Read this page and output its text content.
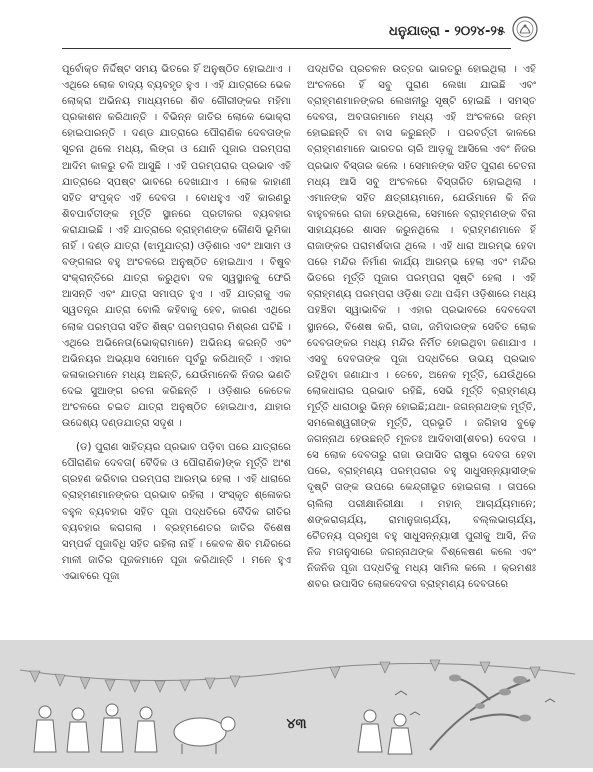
ଧନୁଯାତ୍ରା - ୨୦୨୪-୨୫

ପୂର୍ବୋକ୍ତ ନିର୍ଦ୍ଦିଷ୍ଟ ସମୟ ଭିତରେ ହିଁ ଅନୁଷ୍ଠିତ ହୋଇଥାଏ । ଏଥିରେ ଲୋକ ବାଦ୍ୟ ବ୍ୟବହୃତ ହୁଏ । ଏହି ଯାତ୍ରାରେ ଭେକ ଲୋକ୍ରା ଅଭିନୟ ମାଧ୍ୟମରେ ଶିବ ଗୌରୀଙ୍କର ମହିମା ପ୍ରକାଶନ କରିଥାନ୍ତି । ବିଭିନ୍ନ ଜାତିର ଲୋକେ ଭୋକ୍ରା ହୋଇପାରନ୍ତି । ଦଣ୍ଡ ଯାତ୍ରାରେ ପୌରାଣିକ ଦେବତାଙ୍କ ସୂଚନା ଥିଲେ ମଧ୍ୟ, ଲିଙ୍ଗ ଓ ଯୋନି ପୂଜାର ପରମ୍ପରା ଆଦିମ କାଳରୁ ଚଳି ଆସୁଛି । ଏହି ପରମ୍ପରାର ପ୍ରଭାବ ଏହି ଯାତ୍ରାରେ ସ୍ପଷ୍ଟ ଭାବରେ ଦେଖାଯାଏ । ଲୋକ କାହାଣୀ ସହିତ ସଂପୃକ୍ତ ଏହି ଦେବତା । ବୋଧହୁଏ ଏହି କାରଣରୁ ଶିବପାର୍ବତୀଙ୍କ ମୂର୍ତ୍ତି ସ୍ଥାନରେ ପ୍ରତୀକର ବ୍ୟବହାର କରାଯାଇଛି । ଏହି ଯାତ୍ରାରେ ବ୍ରାହ୍ମଣଙ୍କ କୌଣସି ଭୂମିକା ନାହିଁ । ଦଣ୍ଡ ଯାତ୍ରା (ଝାମୁଯାତ୍ରା) ଓଡ଼ିଶାର ଏବଂ ଆସାମ ଓ ବଙ୍ଗଳାର ବହୁ ଅଂଚଳରେ ଅନୁଷ୍ଠିତ ହୋଇଥାଏ । ବିଷୁବ ସଂକ୍ରାନ୍ତିରେ ଯାତ୍ରା କରୁଥିବା ଦଳ ସ୍ୱସ୍ଥାନକୁ ଫେରି ଆସନ୍ତି ଏବଂ ଯାତ୍ରା ସମାପ୍ତ ହୁଏ । ଏହି ଯାତ୍ରାକୁ ଏକ ସ୍ୱତନ୍ତ୍ର ଯାତ୍ରା ବୋଲି କହିବାକୁ ହେବ, କାରଣ ଏଥିରେ ଲୋକ ପରମ୍ପରା ସହିତ ଶିଷ୍ଟ ପରମ୍ପରାର ମିଶ୍ରଣ ଘଟିଛି । ଏଥିରେ ଅଭିନେତା(ଭୋକ୍ରାମାନେ) ଅଭିନୟ କରନ୍ତି ଏବଂ ଅଭିନୟର ଅଭ୍ୟାସ ସେମାନେ ପୂର୍ବରୁ କରିଥାନ୍ତି । ଏହାର କଳାକାରମାନେ ମଧ୍ୟ ଅଛନ୍ତି, ଯେଉଁମାନେକି ନିଜର ଭଣତି ଦେଇ ସୁଆଙ୍ଗ ରଚନା କରିଛନ୍ତି । ଓଡ଼ିଶାର କେତେକ ଅଂଚଳରେ ଚଇତ ଯାତ୍ରା ଅନୁଷ୍ଠିତ ହୋଇଥାଏ, ଯାହାର ଉଦ୍ଦେଶ୍ୟ ଦଣ୍ଡଯାତ୍ରା ସଦୃଶ ।

(ଡ) ପୁରାଣ ସାହିତ୍ୟର ପ୍ରଭାବ ପଡ଼ିବା ପରେ ଯାତ୍ରାରେ ପୌରାଣିକ ଦେବତା( ବୈଦିକ ଓ ପୌରାଣିକ)ଙ୍କ ମୂର୍ତ୍ତି ଅଂଶ ଗ୍ରହଣ କରିବାର ପରମ୍ପରା ଆରମ୍ଭ ହେଲା । ଏହି ଧାରାରେ ବ୍ରାହ୍ମଣମାନଙ୍କର ପ୍ରଭାବ ରହିଲା । ସଂସ୍କୃତ ଶ୍ଳୋକର ବହୁଳ ବ୍ୟବହାର ସହିତ ପୂଜା ପଦ୍ଧତିରେ ବୈଦିକ ରୀତିର ବ୍ୟବହାର କରାଗଲା । ବ୍ରହ୍ମଣେତର ଜାତିର ବିଶେଷ ସମ୍ପର୍କ ପୂଜାବିଧି ସହିତ ରହିଲା ନାହିଁ । କେବଳ ଶିବ ମନ୍ଦିରରେ ମାଳୀ ଜାତିର ପୂଜକମାନେ ପୂଜା କରିଥାନ୍ତି । ମନେ ହୁଏ ଏଭାବରେ ପୂଜା

ପଦ୍ଧତିର ପ୍ରଚଳନ ଉତ୍ତର ଭାରତରୁ ହୋଇଥିଲା । ଏହି ଅଂଚଳରେ ହିଁ ସବୁ ପୁରାଣ ଲେଖା ଯାଇଛି ଏବଂ ବ୍ରାହ୍ମଣମାନଙ୍କର ଲେଖନୀରୁ ସୃଷ୍ଟି ହୋଇଛି । ସମସ୍ତ ଦେବତା, ଅବତାରମାନେ ମଧ୍ୟ ଏହି ଅଂଚଳରେ ଜନ୍ମ ହୋଇଛନ୍ତି ବା ବାସ କରୁଛନ୍ତି । ପରବର୍ତ୍ତୀ କାଳରେ ବ୍ରାହ୍ମଣମାନେ ଭାରତର ଚାରି ଆଡ଼କୁ ଆସିଲେ ଏବଂ ନିଜର ପ୍ରଭାବ ବିସ୍ତାର କଲେ । ସେମାନଙ୍କ ସହିତ ପୁରାଣ ଚେତନା ମଧ୍ୟ ଆସି ସବୁ ଅଂଚଳରେ ବିସ୍ତାରିତ ହୋଇଥିଲା । ଏମାନଙ୍କ ସହିତ କ୍ଷତ୍ରୀୟମାନେ, ଯେଉଁମାନେ କି ନିଜ ବାହୁବଳରେ ରାଜା ହେଉଥିଲେ, ସେମାନେ ବ୍ରାହ୍ମଣଙ୍କ ବିନା ସାହାଯ୍ୟରେ ଶାସନ କରୁନଥିଲେ । ବ୍ରାହ୍ମଣମାନେ ହିଁ ରାଜାଙ୍କର ପରାମର୍ଶଦାତା ଥିଲେ । ଏହି ଧାରା ଆରମ୍ଭ ହେବା ପରେ ମନ୍ଦିର ନିର୍ମାଣ କାର୍ଯ୍ୟ ଆରମ୍ଭ ହେଲା ଏବଂ ମନ୍ଦିର ଭିତରେ ମୂର୍ତ୍ତି ପୂଜାର ପରମ୍ପରା ସୃଷ୍ଟି ହେଲା । ଏହି ବ୍ରାହ୍ମଣ୍ୟ ପରମ୍ପରା ଓଡ଼ିଶା ତଥା ପଶ୍ଚିମ ଓଡ଼ିଶାରେ ମଧ୍ୟ ପହଞ୍ଚିବା ସ୍ୱାଭାବିକ । ଏହାର ପ୍ରଭାବରେ ଦେବଦେବୀ ସ୍ଥାନରେ, ବିଶେଷ କରି, ରାଜା, ଜମିଦାରଙ୍କ ସେବିତ ଲୋକ ଦେବତାଙ୍କର ମଧ୍ୟ ମନ୍ଦିର ନିର୍ମିତ ହୋଇଥିବା ଜଣାଯାଏ । ଏସବୁ ଦେବତାଙ୍କ ପୂଜା ପଦ୍ଧତିରେ ଉଭୟ ପ୍ରଭାବ ରହିଥିବା ଜଣାଯାଏ । ତେବେ, ଅନେକ ମୂର୍ତ୍ତି, ଯେଉଁଥିରେ ଲୋକଧାରାର ପ୍ରଭାବ ରହିଛି, ସେଭି ମୂର୍ତ୍ତି ବ୍ରାହ୍ମଣ୍ୟ ମୂର୍ତ୍ତି ଧାରାଠାରୁ ଭିନ୍ନ ହୋଇଛି;ଯଥା- ଜଗନ୍ନାଥଙ୍କ ମୂର୍ତ୍ତି, ସମଲେଶ୍ୱରୀଙ୍କ ମୂର୍ତ୍ତି, ପ୍ରଭୃତି । ଜଗିହାସ ବୁଢ଼େ ଜଗନ୍ନାଥ ହେଉଛନ୍ତି ମୂଳତଃ ଆଦିବାସୀ(ଶବର) ଦେବତା । ସେ ଲୋକ ଦେବତାରୁ ରାଜା ଉପାସିତ ରାଷ୍ଟ୍ର ଦେବତା ହେବା ପରେ, ବ୍ରାହ୍ମଣ୍ୟ ପରମ୍ପରାର ବହୁ ସାଧୁସନ୍ନ୍ୟାସୀଙ୍କ ଦୃଷ୍ଟି ତାଙ୍କ ଉପରେ କେନ୍ଦ୍ରୀଭୂତ ହୋଇଗଲା । ତାପରେ ଚାଲିଲା ପରୀକ୍ଷାନିରୀକ୍ଷା । ମହାନ୍ ଆଚାର୍ଯ୍ୟମାନେ; ଶଙ୍କରାଚାର୍ଯ୍ୟ, ରାମାନୁଜାଚାର୍ଯ୍ୟ, ବଲ୍ଲଭାଚାର୍ଯ୍ୟ, ଚୈତନ୍ୟ ପ୍ରମୁଖ ବହୁ ସାଧୁସନ୍ନ୍ୟାସୀ ପୁରୀକୁ ଆସି, ନିଜ ନିଜ ମତାନୁସାରେ ଜଗନ୍ନାଥଙ୍କ ବିଶ୍ଳେଷଣ କଲେ ଏବଂ ନିଜନିଜ ପୂଜା ପଦ୍ଧତିକୁ ମଧ୍ୟ ସାମିଲ କଲେ । କ୍ରମଶଃ ଶବର ଉପାସିତ ଲୋକଦେବତା ବ୍ରାହ୍ମଣ୍ୟ ଦେବତାରେ

୪୩
